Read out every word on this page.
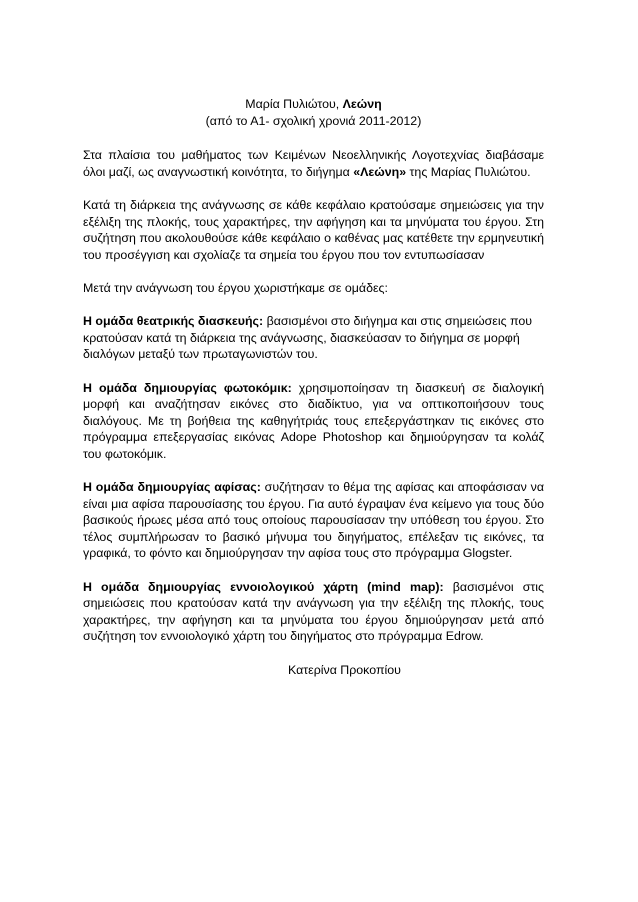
Μαρία Πυλιώτου, Λεώνη
(από το Α1- σχολική χρονιά 2011-2012)

Στα πλαίσια του μαθήματος των Κειμένων Νεοελληνικής Λογοτεχνίας διαβάσαμε όλοι μαζί, ως αναγνωστική κοινότητα, το διήγημα «Λεώνη» της Μαρίας Πυλιώτου.

Κατά τη διάρκεια της ανάγνωσης σε κάθε κεφάλαιο κρατούσαμε σημειώσεις για την εξέλιξη της πλοκής, τους χαρακτήρες, την αφήγηση και τα μηνύματα του έργου. Στη συζήτηση που ακολουθούσε κάθε κεφάλαιο ο καθένας μας κατέθετε την ερμηνευτική του προσέγγιση και σχολίαζε τα σημεία του έργου που τον εντυπωσίασαν

Μετά την ανάγνωση του έργου χωριστήκαμε σε ομάδες:

Η ομάδα θεατρικής διασκευής: βασισμένοι στο διήγημα και στις σημειώσεις που κρατούσαν κατά τη διάρκεια της ανάγνωσης, διασκεύασαν το διήγημα σε μορφή διαλόγων μεταξύ των πρωταγωνιστών του.

Η ομάδα δημιουργίας φωτοκόμικ: χρησιμοποίησαν τη διασκευή σε διαλογική μορφή και αναζήτησαν εικόνες στο διαδίκτυο, για να οπτικοποιήσουν τους διαλόγους. Με τη βοήθεια της καθηγήτριάς τους επεξεργάστηκαν τις εικόνες στο πρόγραμμα επεξεργασίας εικόνας Adope Photoshop και δημιούργησαν τα κολάζ του φωτοκόμικ.

Η ομάδα δημιουργίας αφίσας: συζήτησαν το θέμα της αφίσας και αποφάσισαν να είναι μια αφίσα παρουσίασης του έργου. Για αυτό έγραψαν ένα κείμενο για τους δύο βασικούς ήρωες μέσα από τους οποίους παρουσίασαν την υπόθεση του έργου. Στο τέλος συμπλήρωσαν το βασικό μήνυμα του διηγήματος, επέλεξαν τις εικόνες, τα γραφικά, το φόντο και δημιούργησαν την αφίσα τους στο πρόγραμμα Glogster.

Η ομάδα δημιουργίας εννοιολογικού χάρτη (mind map): βασισμένοι στις σημειώσεις που κρατούσαν κατά την ανάγνωση για την εξέλιξη της πλοκής, τους χαρακτήρες, την αφήγηση και τα μηνύματα του έργου δημιούργησαν μετά από συζήτηση τον εννοιολογικό χάρτη του διηγήματος στο πρόγραμμα Edrow.

Κατερίνα Προκοπίου
